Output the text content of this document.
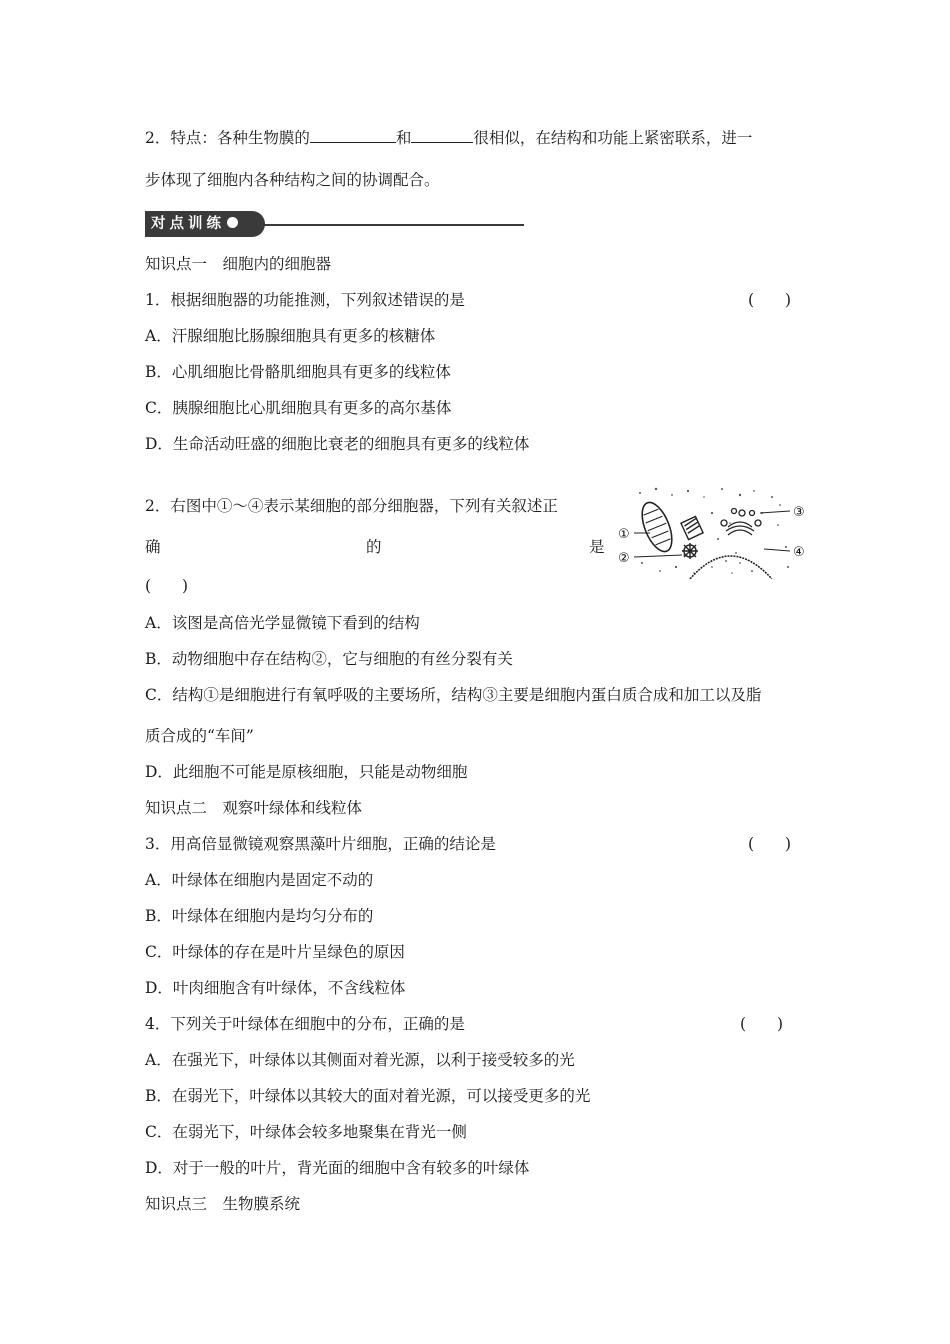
2．特点：各种生物膜的	和	很相似，在结构和功能上紧密联系，进一
步体现了细胞内各种结构之间的协调配合。
对点训练
知识点一　细胞内的细胞器
1．根据细胞器的功能推测，下列叙述错误的是	(　　)
A．汗腺细胞比肠腺细胞具有更多的核糖体
B．心肌细胞比骨骼肌细胞具有更多的线粒体
C．胰腺细胞比心肌细胞具有更多的高尔基体
D．生命活动旺盛的细胞比衰老的细胞具有更多的线粒体
2．右图中①～④表示某细胞的部分细胞器，下列有关叙述正
确	的	是
(　　)
①
②
③
④
A．该图是高倍光学显微镜下看到的结构
B．动物细胞中存在结构②，它与细胞的有丝分裂有关
C．结构①是细胞进行有氧呼吸的主要场所，结构③主要是细胞内蛋白质合成和加工以及脂
质合成的“车间”
D．此细胞不可能是原核细胞，只能是动物细胞
知识点二　观察叶绿体和线粒体
3．用高倍显微镜观察黑藻叶片细胞，正确的结论是	(　　)
A．叶绿体在细胞内是固定不动的
B．叶绿体在细胞内是均匀分布的
C．叶绿体的存在是叶片呈绿色的原因
D．叶肉细胞含有叶绿体，不含线粒体
4．下列关于叶绿体在细胞中的分布，正确的是	(　　)
A．在强光下，叶绿体以其侧面对着光源，以利于接受较多的光
B．在弱光下，叶绿体以其较大的面对着光源，可以接受更多的光
C．在弱光下，叶绿体会较多地聚集在背光一侧
D．对于一般的叶片，背光面的细胞中含有较多的叶绿体
知识点三　生物膜系统
